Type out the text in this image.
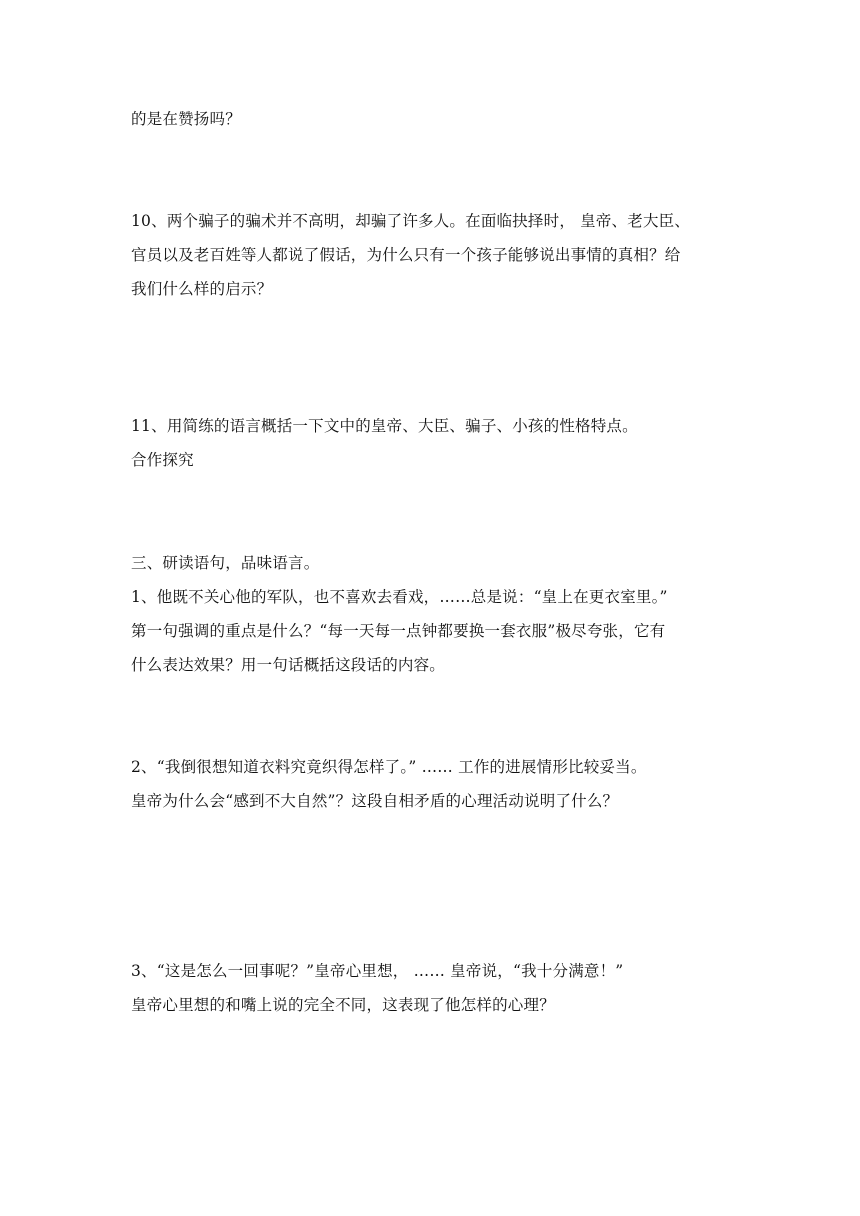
的是在赞扬吗？
10、两个骗子的骗术并不高明，却骗了许多人。在面临抉择时， 皇帝、老大臣、
官员以及老百姓等人都说了假话，为什么只有一个孩子能够说出事情的真相？给
我们什么样的启示？
11、用简练的语言概括一下文中的皇帝、大臣、骗子、小孩的性格特点。
合作探究
三、研读语句，品味语言。
1、他既不关心他的军队，也不喜欢去看戏，……总是说：“皇上在更衣室里。”
第一句强调的重点是什么？“每一天每一点钟都要换一套衣服”极尽夸张，它有
什么表达效果？用一句话概括这段话的内容。
2、“我倒很想知道衣料究竟织得怎样了。” …… 工作的进展情形比较妥当。
皇帝为什么会“感到不大自然”？这段自相矛盾的心理活动说明了什么？
3、“这是怎么一回事呢？”皇帝心里想， …… 皇帝说，“我十分满意！”
皇帝心里想的和嘴上说的完全不同，这表现了他怎样的心理？
